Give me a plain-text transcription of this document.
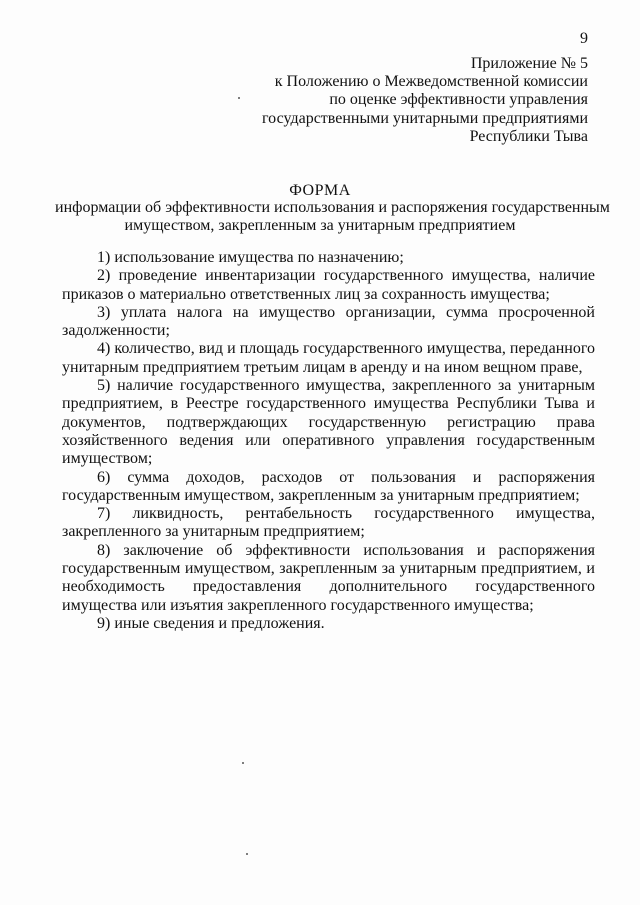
9
Приложение № 5
к Положению о Межведомственной комиссии
по оценке эффективности управления
государственными унитарными предприятиями
Республики Тыва
ФОРМА
информации об эффективности использования и распоряжения государственным
имуществом, закрепленным за унитарным предприятием

1) использование имущества по назначению;

2) проведение инвентаризации государственного имущества, наличие приказов о материально ответственных лиц за сохранность имущества;

3) уплата налога на имущество организации, сумма просроченной задолженности;

4) количество, вид и площадь государственного имущества, переданного унитарным предприятием третьим лицам в аренду и на ином вещном праве,

5) наличие государственного имущества, закрепленного за унитарным предприятием, в Реестре государственного имущества Республики Тыва и документов, подтверждающих государственную регистрацию права хозяйственного ведения или оперативного управления государственным имуществом;

6) сумма доходов, расходов от пользования и распоряжения государственным имуществом, закрепленным за унитарным предприятием;

7) ликвидность, рентабельность государственного имущества, закрепленного за унитарным предприятием;

8) заключение об эффективности использования и распоряжения государственным имуществом, закрепленным за унитарным предприятием, и необходимость предоставления дополнительного государственного имущества или изъятия закрепленного государственного имущества;

9) иные сведения и предложения.
